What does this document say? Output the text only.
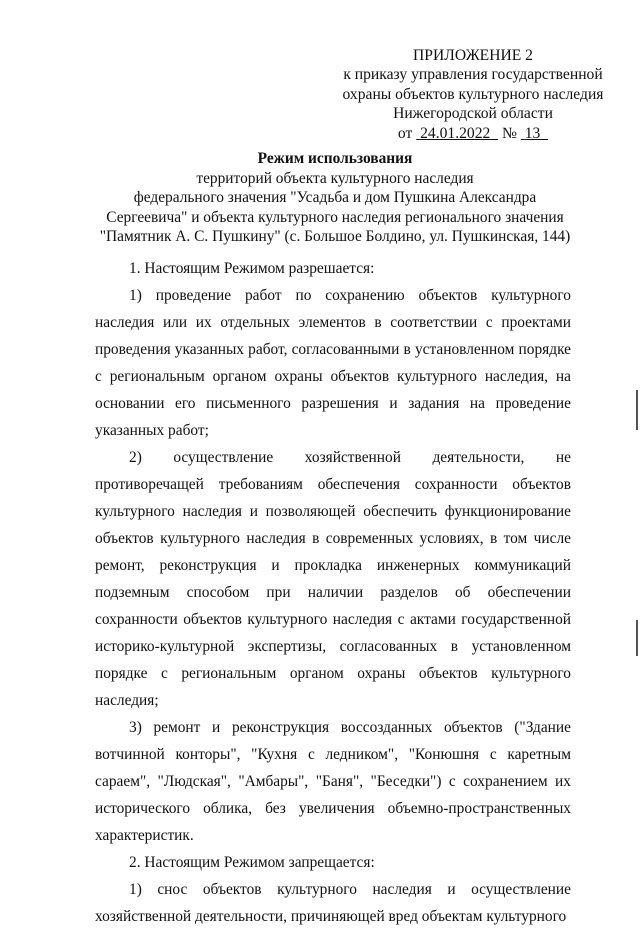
ПРИЛОЖЕНИЕ 2
к приказу управления государственной
охраны объектов культурного наследия
Нижегородской области
от 24.01.2022 № 13
Режим использования
территорий объекта культурного наследия
федерального значения "Усадьба и дом Пушкина Александра
Сергеевича" и объекта культурного наследия регионального значения
"Памятник А. С. Пушкину" (с. Большое Болдино, ул. Пушкинская, 144)

1. Настоящим Режимом разрешается:

1) проведение работ по сохранению объектов культурного наследия или их отдельных элементов в соответствии с проектами проведения указанных работ, согласованными в установленном порядке с региональным органом охраны объектов культурного наследия, на основании его письменного разрешения и задания на проведение указанных работ;

2) осуществление хозяйственной деятельности, не противоречащей требованиям обеспечения сохранности объектов культурного наследия и позволяющей обеспечить функционирование объектов культурного наследия в современных условиях, в том числе ремонт, реконструкция и прокладка инженерных коммуникаций подземным способом при наличии разделов об обеспечении сохранности объектов культурного наследия с актами государственной историко-культурной экспертизы, согласованных в установленном порядке с региональным органом охраны объектов культурного наследия;

3) ремонт и реконструкция воссозданных объектов ("Здание вотчинной конторы", "Кухня с ледником", "Конюшня с каретным сараем", "Людская", "Амбары", "Баня", "Беседки") с сохранением их исторического облика, без увеличения объемно-пространственных характеристик.

2. Настоящим Режимом запрещается:

1) снос объектов культурного наследия и осуществление хозяйственной деятельности, причиняющей вред объектам культурного
